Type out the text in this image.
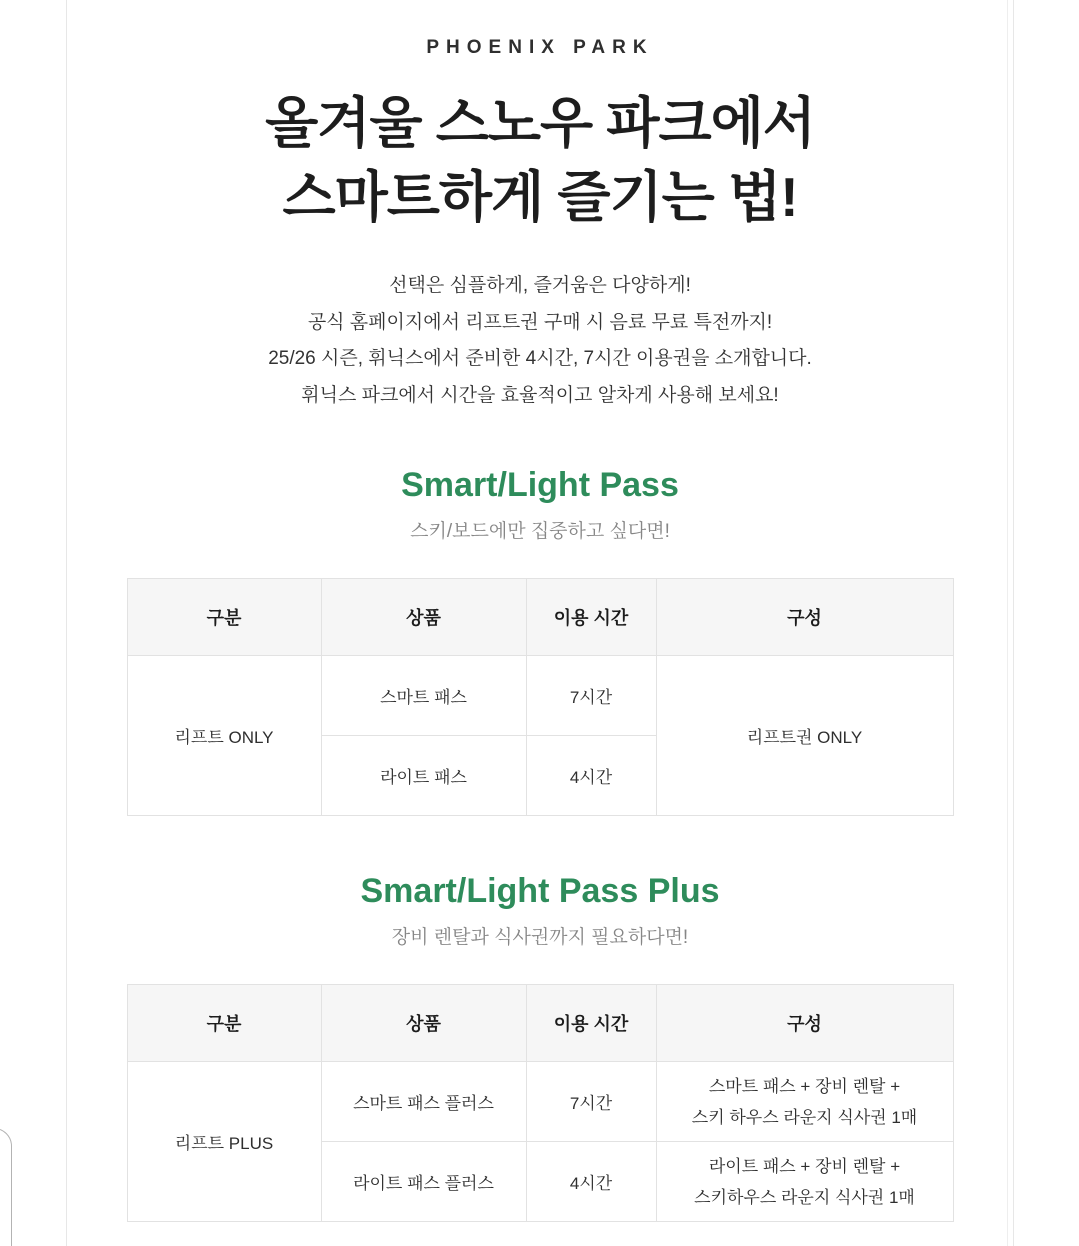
PHOENIX PARK
올겨울 스노우 파크에서
스마트하게 즐기는 법!
선택은 심플하게, 즐거움은 다양하게!
공식 홈페이지에서 리프트권 구매 시 음료 무료 특전까지!
25/26 시즌, 휘닉스에서 준비한 4시간, 7시간 이용권을 소개합니다.
휘닉스 파크에서 시간을 효율적이고 알차게 사용해 보세요!
Smart/Light Pass
스키/보드에만 집중하고 싶다면!
구분	상품	이용 시간	구성
리프트 ONLY	스마트 패스	7시간	리프트권 ONLY
	라이트 패스	4시간	
Smart/Light Pass Plus
장비 렌탈과 식사권까지 필요하다면!
구분	상품	이용 시간	구성
리프트 PLUS	스마트 패스 플러스	7시간	스마트 패스 + 장비 렌탈 +
스키 하우스 라운지 식사권 1매

	라이트 패스 플러스	4시간	라이트 패스 + 장비 렌탈 +
스키하우스 라운지 식사권 1매
